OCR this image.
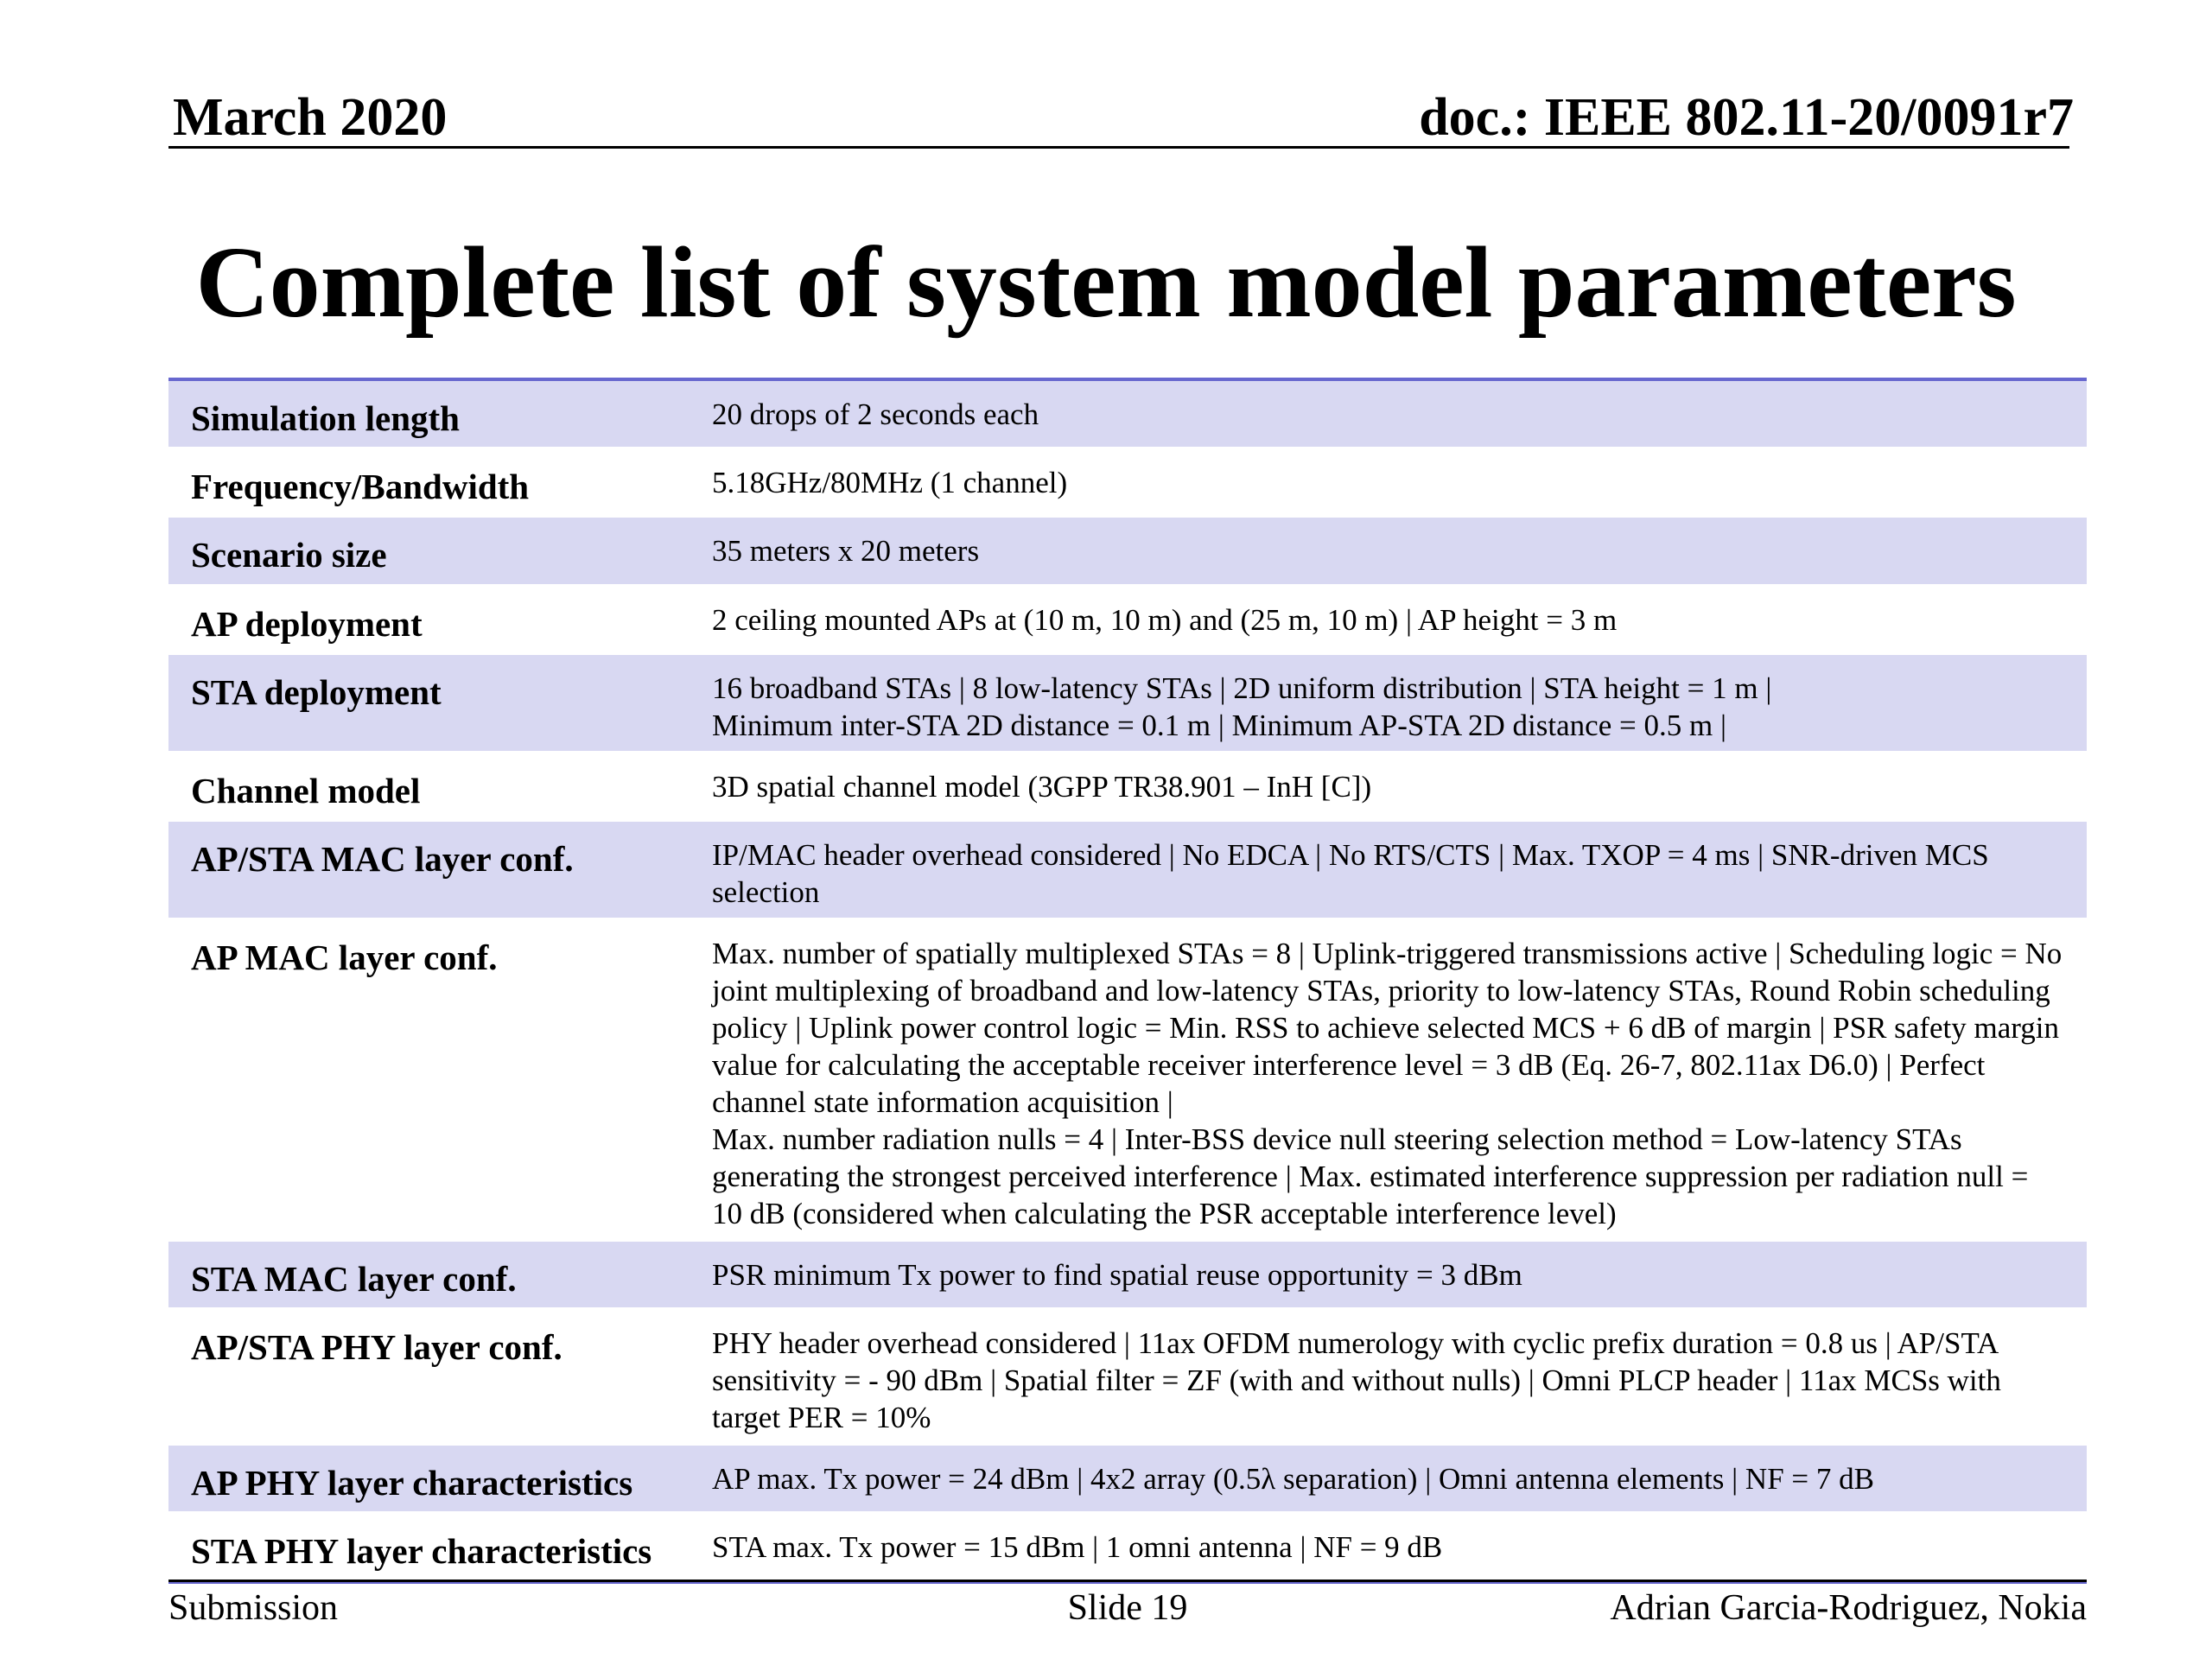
March 2020	doc.: IEEE 802.11-20/0091r7
Complete list of system model parameters
Simulation length	20 drops of 2 seconds each
Frequency/Bandwidth	5.18GHz/80MHz (1 channel)
Scenario size	35 meters x 20 meters
AP deployment	2 ceiling mounted APs at (10 m, 10 m) and (25 m, 10 m) | AP height = 3 m
STA deployment	16 broadband STAs | 8 low-latency STAs | 2D uniform distribution | STA height = 1 m |
Minimum inter-STA 2D distance = 0.1 m | Minimum AP-STA 2D distance = 0.5 m |
Channel model	3D spatial channel model (3GPP TR38.901 – InH [C])
AP/STA MAC layer conf.	IP/MAC header overhead considered | No EDCA | No RTS/CTS | Max. TXOP = 4 ms | SNR-driven MCS selection
AP MAC layer conf.	Max. number of spatially multiplexed STAs = 8 | Uplink-triggered transmissions active | Scheduling logic = No joint multiplexing of broadband and low-latency STAs, priority to low-latency STAs, Round Robin scheduling policy | Uplink power control logic = Min. RSS to achieve selected MCS + 6 dB of margin | PSR safety margin value for calculating the acceptable receiver interference level = 3 dB (Eq. 26-7, 802.11ax D6.0) | Perfect channel state information acquisition |
Max. number radiation nulls = 4 | Inter-BSS device null steering selection method = Low-latency STAs generating the strongest perceived interference | Max. estimated interference suppression per radiation null = 10 dB (considered when calculating the PSR acceptable interference level)
STA MAC layer conf.	PSR minimum Tx power to find spatial reuse opportunity = 3 dBm
AP/STA PHY layer conf.	PHY header overhead considered | 11ax OFDM numerology with cyclic prefix duration = 0.8 us | AP/STA sensitivity = - 90 dBm | Spatial filter = ZF (with and without nulls) | Omni PLCP header | 11ax MCSs with target PER = 10%
AP PHY layer characteristics	AP max. Tx power = 24 dBm | 4x2 array (0.5λ separation) | Omni antenna elements | NF = 7 dB
STA PHY layer characteristics	STA max. Tx power = 15 dBm | 1 omni antenna | NF = 9 dB
Submission	Slide 19	Adrian Garcia-Rodriguez, Nokia
